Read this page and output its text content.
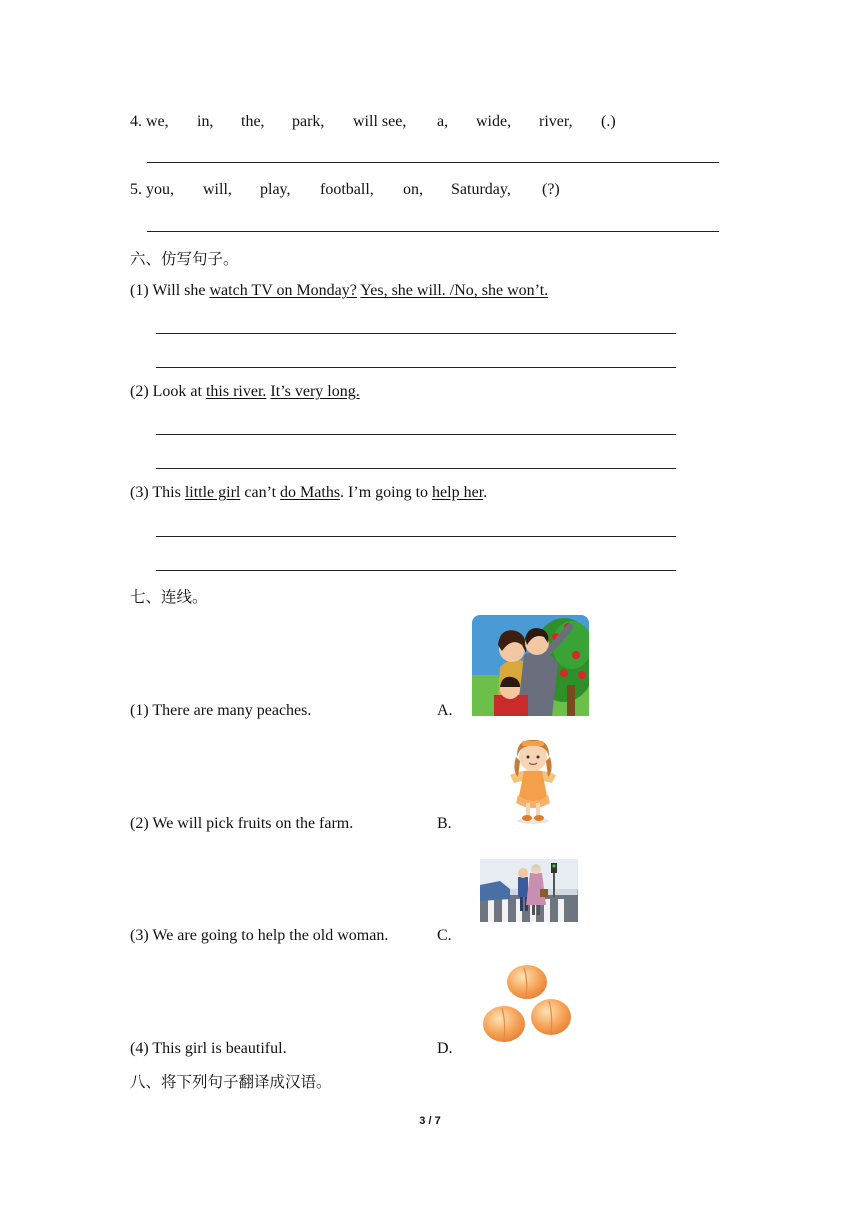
4. we, in, the, park, will see, a, wide, river, (.)
5. you, will, play, football, on, Saturday, (?)
六、仿写句子。
(1) Will she watch TV on Monday? Yes, she will. /No, she won’t.
(2) Look at this river. It’s very long.
(3) This little girl can’t do Maths. I’m going to help her.
七、连线。
(1) There are many peaches.	A.
(2) We will pick fruits on the farm.	B.
(3) We are going to help the old woman.	C.
(4) This girl is beautiful.	D.
八、将下列句子翻译成汉语。
3 / 7
